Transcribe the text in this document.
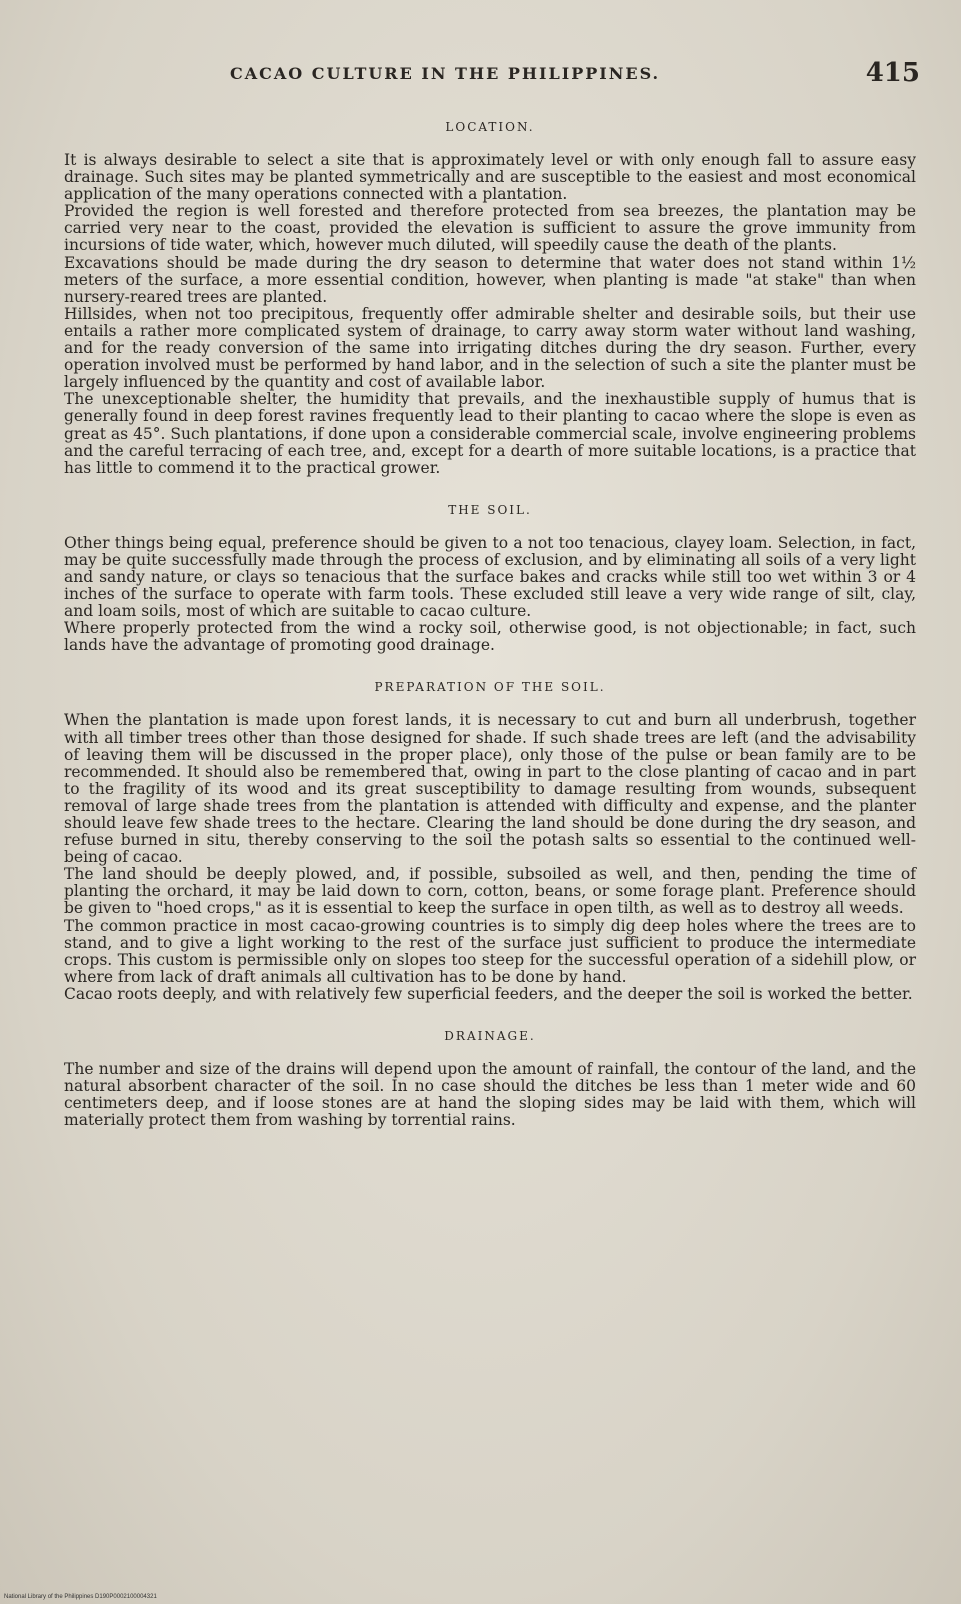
CACAO CULTURE IN THE PHILIPPINES.	415
LOCATION.

It is always desirable to select a site that is approximately level or with only enough fall to assure easy drainage. Such sites may be planted symmetrically and are susceptible to the easiest and most economical application of the many operations connected with a plantation.

Provided the region is well forested and therefore protected from sea breezes, the plantation may be carried very near to the coast, provided the elevation is sufficient to assure the grove immunity from incursions of tide water, which, however much diluted, will speedily cause the death of the plants.

Excavations should be made during the dry season to determine that water does not stand within 1½ meters of the surface, a more essential condition, however, when planting is made "at stake" than when nursery-reared trees are planted.

Hillsides, when not too precipitous, frequently offer admirable shelter and desirable soils, but their use entails a rather more complicated system of drainage, to carry away storm water without land washing, and for the ready conversion of the same into irrigating ditches during the dry season. Further, every operation involved must be performed by hand labor, and in the selection of such a site the planter must be largely influenced by the quantity and cost of available labor.

The unexceptionable shelter, the humidity that prevails, and the inexhaustible supply of humus that is generally found in deep forest ravines frequently lead to their planting to cacao where the slope is even as great as 45°. Such plantations, if done upon a considerable commercial scale, involve engineering problems and the careful terracing of each tree, and, except for a dearth of more suitable locations, is a practice that has little to commend it to the practical grower.

THE SOIL.

Other things being equal, preference should be given to a not too tenacious, clayey loam. Selection, in fact, may be quite successfully made through the process of exclusion, and by eliminating all soils of a very light and sandy nature, or clays so tenacious that the surface bakes and cracks while still too wet within 3 or 4 inches of the surface to operate with farm tools. These excluded still leave a very wide range of silt, clay, and loam soils, most of which are suitable to cacao culture.

Where properly protected from the wind a rocky soil, otherwise good, is not objectionable; in fact, such lands have the advantage of promoting good drainage.

PREPARATION OF THE SOIL.

When the plantation is made upon forest lands, it is necessary to cut and burn all underbrush, together with all timber trees other than those designed for shade. If such shade trees are left (and the advisability of leaving them will be discussed in the proper place), only those of the pulse or bean family are to be recommended. It should also be remembered that, owing in part to the close planting of cacao and in part to the fragility of its wood and its great susceptibility to damage resulting from wounds, subsequent removal of large shade trees from the plantation is attended with difficulty and expense, and the planter should leave few shade trees to the hectare. Clearing the land should be done during the dry season, and refuse burned in situ, thereby conserving to the soil the potash salts so essential to the continued well-being of cacao.

The land should be deeply plowed, and, if possible, subsoiled as well, and then, pending the time of planting the orchard, it may be laid down to corn, cotton, beans, or some forage plant. Preference should be given to "hoed crops," as it is essential to keep the surface in open tilth, as well as to destroy all weeds.

The common practice in most cacao-growing countries is to simply dig deep holes where the trees are to stand, and to give a light working to the rest of the surface just sufficient to produce the intermediate crops. This custom is permissible only on slopes too steep for the successful operation of a sidehill plow, or where from lack of draft animals all cultivation has to be done by hand.

Cacao roots deeply, and with relatively few superficial feeders, and the deeper the soil is worked the better.

DRAINAGE.

The number and size of the drains will depend upon the amount of rainfall, the contour of the land, and the natural absorbent character of the soil. In no case should the ditches be less than 1 meter wide and 60 centimeters deep, and if loose stones are at hand the sloping sides may be laid with them, which will materially protect them from washing by torrential rains.

National Library of the Philippines D190P0002100004321
